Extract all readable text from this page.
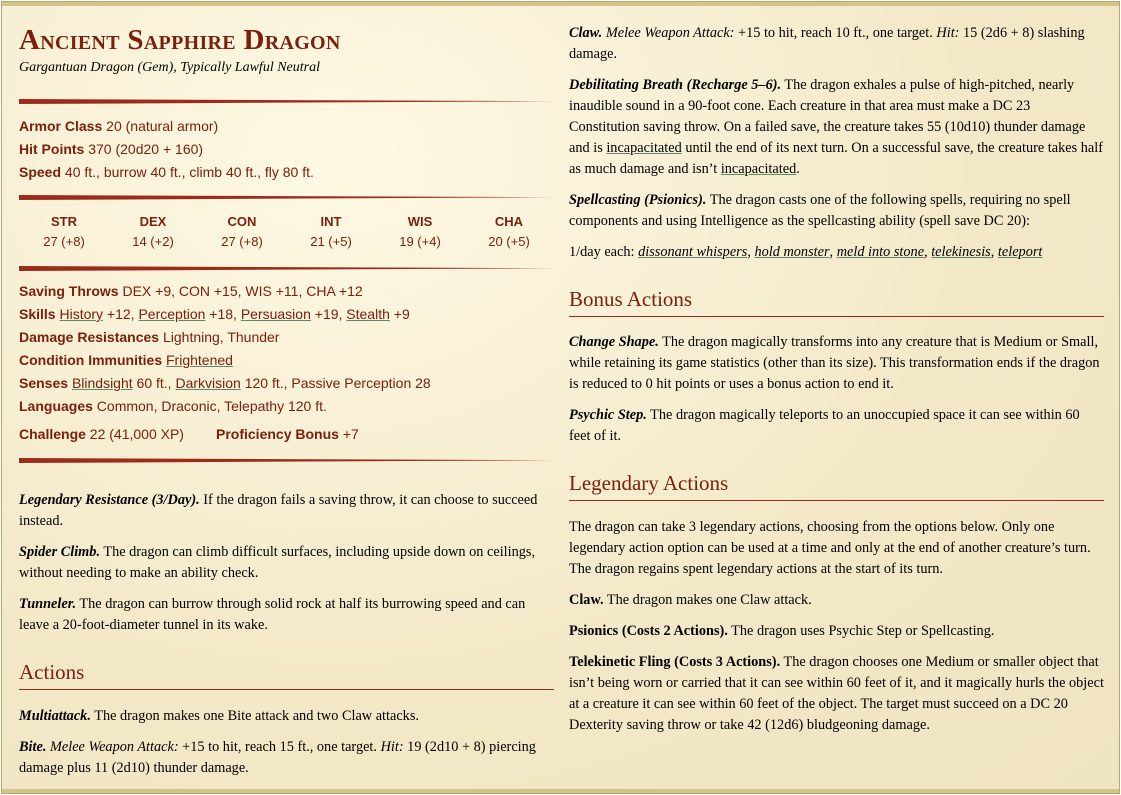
Ancient Sapphire Dragon
Gargantuan Dragon (Gem), Typically Lawful Neutral
Armor Class 20 (natural armor)
Hit Points 370 (20d20 + 160)
Speed 40 ft., burrow 40 ft., climb 40 ft., fly 80 ft.
STR
27 (+8)
DEX
14 (+2)
CON
27 (+8)
INT
21 (+5)
WIS
19 (+4)
CHA
20 (+5)
Saving Throws DEX +9, CON +15, WIS +11, CHA +12
Skills History +12, Perception +18, Persuasion +19, Stealth +9
Damage Resistances Lightning, Thunder
Condition Immunities Frightened
Senses Blindsight 60 ft., Darkvision 120 ft., Passive Perception 28
Languages Common, Draconic, Telepathy 120 ft.
Challenge 22 (41,000 XP) Proficiency Bonus +7
Legendary Resistance (3/Day). If the dragon fails a saving throw, it can choose to succeed instead.
Spider Climb. The dragon can climb difficult surfaces, including upside down on ceilings, without needing to make an ability check.
Tunneler. The dragon can burrow through solid rock at half its burrowing speed and can leave a 20-foot-diameter tunnel in its wake.
Actions
Multiattack. The dragon makes one Bite attack and two Claw attacks.
Bite. Melee Weapon Attack: +15 to hit, reach 15 ft., one target. Hit: 19 (2d10 + 8) piercing damage plus 11 (2d10) thunder damage.
Claw. Melee Weapon Attack: +15 to hit, reach 10 ft., one target. Hit: 15 (2d6 + 8) slashing damage.
Debilitating Breath (Recharge 5–6). The dragon exhales a pulse of high-pitched, nearly inaudible sound in a 90-foot cone. Each creature in that area must make a DC 23 Constitution saving throw. On a failed save, the creature takes 55 (10d10) thunder damage and is incapacitated until the end of its next turn. On a successful save, the creature takes half as much damage and isn’t incapacitated.
Spellcasting (Psionics). The dragon casts one of the following spells, requiring no spell components and using Intelligence as the spellcasting ability (spell save DC 20):
1/day each: dissonant whispers, hold monster, meld into stone, telekinesis, teleport
Bonus Actions
Change Shape. The dragon magically transforms into any creature that is Medium or Small, while retaining its game statistics (other than its size). This transformation ends if the dragon is reduced to 0 hit points or uses a bonus action to end it.
Psychic Step. The dragon magically teleports to an unoccupied space it can see within 60 feet of it.
Legendary Actions
The dragon can take 3 legendary actions, choosing from the options below. Only one legendary action option can be used at a time and only at the end of another creature’s turn. The dragon regains spent legendary actions at the start of its turn.
Claw. The dragon makes one Claw attack.
Psionics (Costs 2 Actions). The dragon uses Psychic Step or Spellcasting.
Telekinetic Fling (Costs 3 Actions). The dragon chooses one Medium or smaller object that isn’t being worn or carried that it can see within 60 feet of it, and it magically hurls the object at a creature it can see within 60 feet of the object. The target must succeed on a DC 20 Dexterity saving throw or take 42 (12d6) bludgeoning damage.
